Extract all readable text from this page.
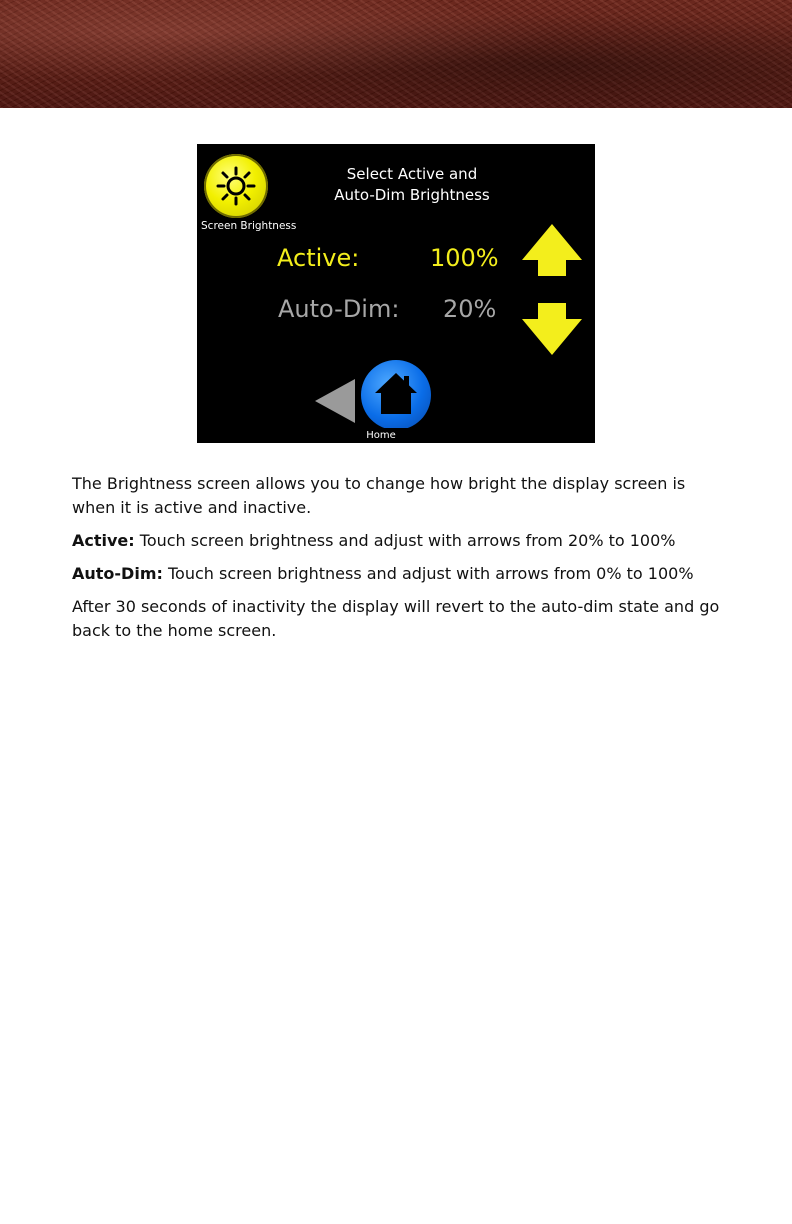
Screen Brightness
Select Active and
Auto-Dim Brightness
Active:	100%
Auto-Dim: 20%
Home

The Brightness screen allows you to change how bright the display screen is when it is active and inactive.

Active: Touch screen brightness and adjust with arrows from 20% to 100%

Auto-Dim: Touch screen brightness and adjust with arrows from 0% to 100%

After 30 seconds of inactivity the display will revert to the auto-dim state and go back to the home screen.
